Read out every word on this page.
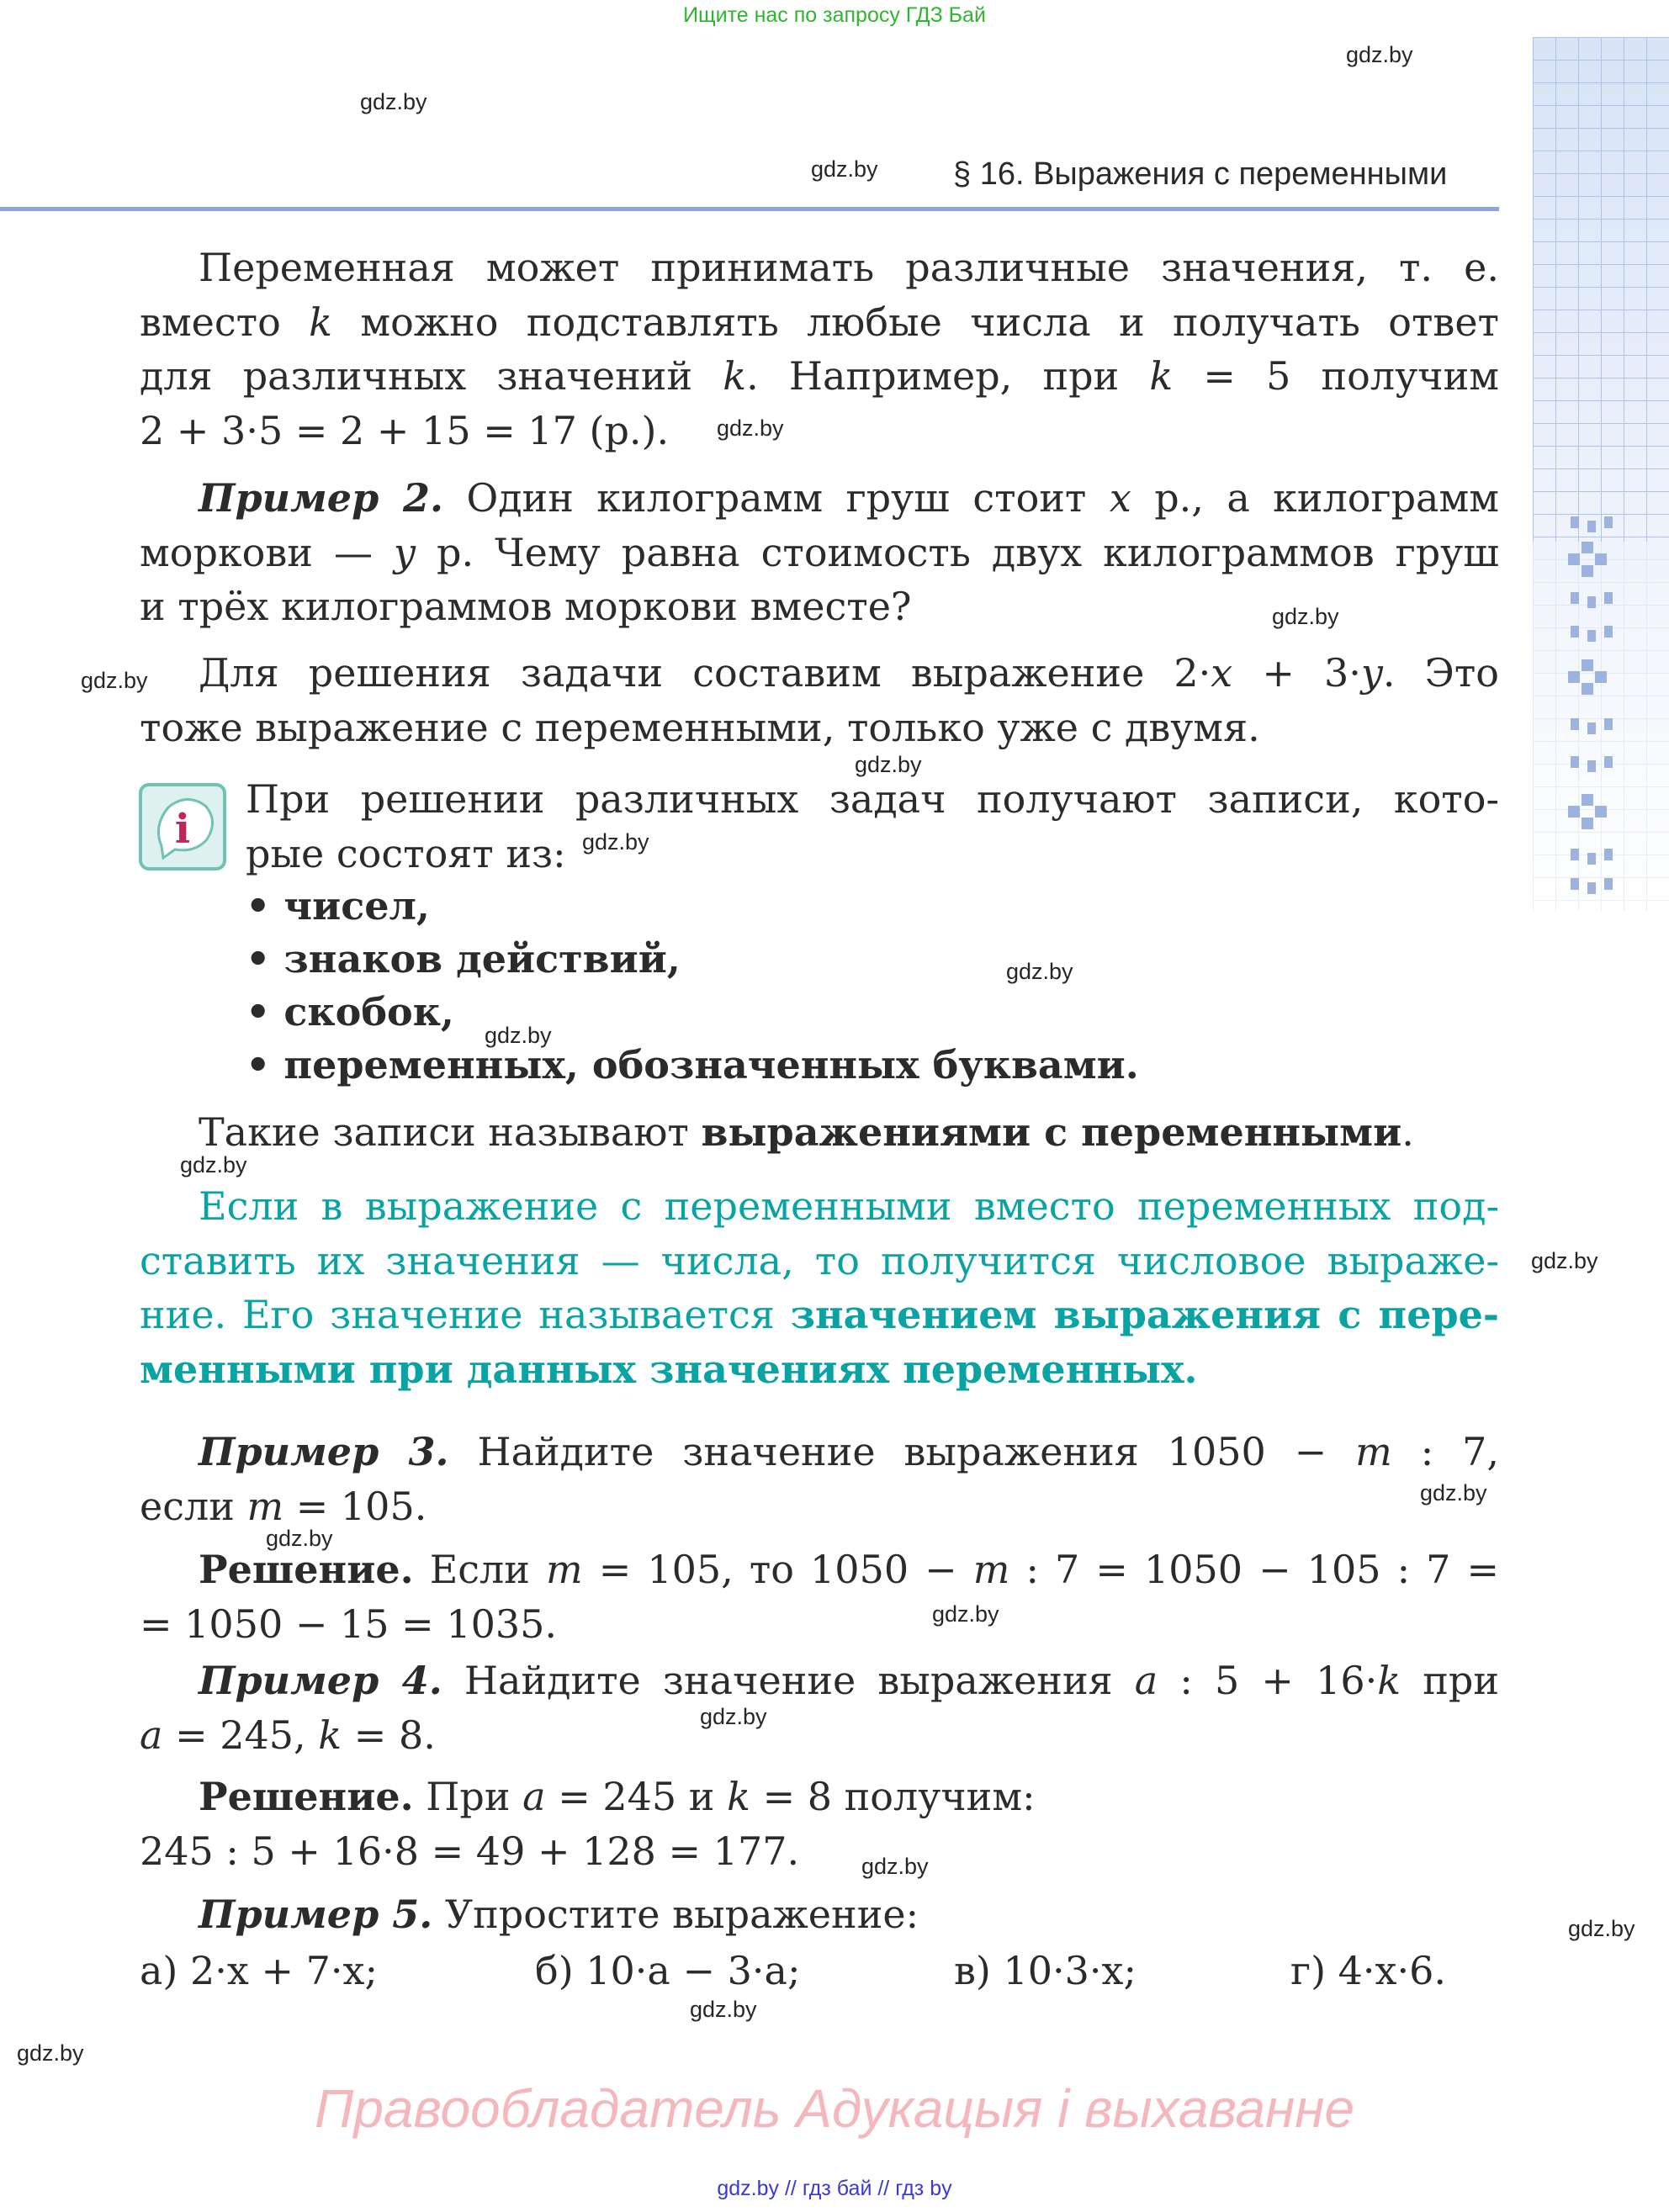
Ищите нас по запросу ГДЗ Бай
gdz.by
gdz.by
gdz.by
gdz.by
gdz.by
gdz.by
gdz.by
gdz.by
gdz.by
gdz.by
gdz.by
gdz.by
gdz.by
gdz.by
gdz.by
gdz.by
gdz.by
gdz.by
gdz.by
gdz.by
§ 16. Выражения с переменными
Переменная может принимать различные значения, т. е.
вместо k можно подставлять любые числа и получать ответ
для различных значений k. Например, при k = 5 получим
2 + 3·5 = 2 + 15 = 17 (р.).
Пример 2. Один килограмм груш стоит x р., а килограмм
моркови — y р. Чему равна стоимость двух килограммов груш
и трёх килограммов моркови вместе?
Для решения задачи составим выражение 2·x + 3·y. Это
тоже выражение с переменными, только уже с двумя.
i
При решении различных задач получают записи, кото-
рые состоят из:
• чисел,
• знаков действий,
• скобок,
• переменных, обозначенных буквами.
Такие записи называют выражениями с переменными.
Если в выражение с переменными вместо переменных под-
ставить их значения — числа, то получится числовое выраже-
ние. Его значение называется значением выражения с пере-
менными при данных значениях переменных.
Пример 3. Найдите значение выражения 1050 − m : 7,
если m = 105.
Решение. Если m = 105, то 1050 − m : 7 = 1050 − 105 : 7 =
= 1050 − 15 = 1035.
Пример 4. Найдите значение выражения a : 5 + 16·k при
a = 245, k = 8.
Решение. При a = 245 и k = 8 получим:
245 : 5 + 16·8 = 49 + 128 = 177.
Пример 5. Упростите выражение:
а) 2·x + 7·x;	б) 10·a − 3·a;	в) 10·3·x;	г) 4·x·6.
Правообладатель Адукацыя і выхаванне
gdz.by // гдз бай // гдз by
